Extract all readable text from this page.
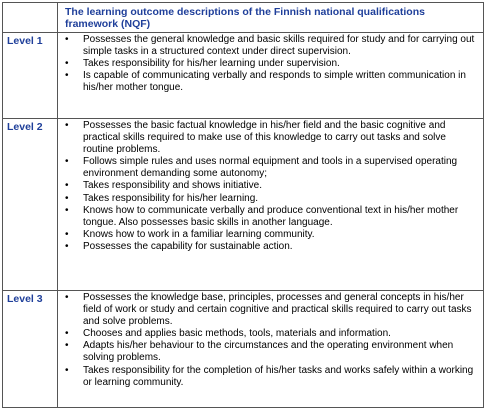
The learning outcome descriptions of the Finnish national qualifications framework (NQF)
Level 1 • Possesses the general knowledge and basic skills required for study and for carrying out simple tasks in a structured context under direct supervision.
• Takes responsibility for his/her learning under supervision.
• Is capable of communicating verbally and responds to simple written communication in his/her mother tongue.
Level 2 • Possesses the basic factual knowledge in his/her field and the basic cognitive and practical skills required to make use of this knowledge to carry out tasks and solve routine problems.
• Follows simple rules and uses normal equipment and tools in a supervised operating environment demanding some autonomy;
• Takes responsibility and shows initiative.
• Takes responsibility for his/her learning.
• Knows how to communicate verbally and produce conventional text in his/her mother tongue. Also possesses basic skills in another language.
• Knows how to work in a familiar learning community.
• Possesses the capability for sustainable action.
Level 3 • Possesses the knowledge base, principles, processes and general concepts in his/her field of work or study and certain cognitive and practical skills required to carry out tasks and solve problems.
• Chooses and applies basic methods, tools, materials and information.
• Adapts his/her behaviour to the circumstances and the operating environment when solving problems.
• Takes responsibility for the completion of his/her tasks and works safely within a working or learning community.
